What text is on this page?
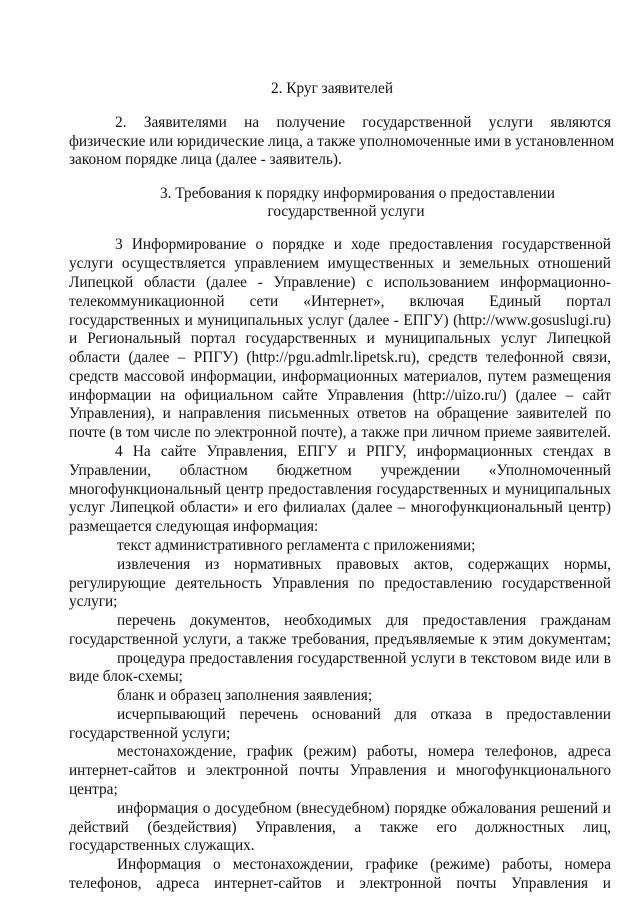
2. Круг заявителей
2. Заявителями на получение государственной услуги являются
физические или юридические лица, а также уполномоченные ими в установленном
законом порядке лица (далее - заявитель).
3. Требования к порядку информирования о предоставлении
государственной услуги
3 Информирование о порядке и ходе предоставления государственной
услуги осуществляется управлением имущественных и земельных отношений
Липецкой области (далее - Управление) с использованием информационно-
телекоммуникационной сети «Интернет», включая Единый портал
государственных и муниципальных услуг (далее - ЕПГУ) (http://www.gosuslugi.ru)
и Региональный портал государственных и муниципальных услуг Липецкой
области (далее – РПГУ) (http://pgu.admlr.lipetsk.ru), средств телефонной связи,
средств массовой информации, информационных материалов, путем размещения
информации на официальном сайте Управления (http://uizo.ru/) (далее – сайт
Управления), и направления письменных ответов на обращение заявителей по
почте (в том числе по электронной почте), а также при личном приеме заявителей.
4 На сайте Управления, ЕПГУ и РПГУ, информационных стендах в
Управлении, областном бюджетном учреждении «Уполномоченный
многофункциональный центр предоставления государственных и муниципальных
услуг Липецкой области» и его филиалах (далее – многофункциональный центр)
размещается следующая информация:
текст административного регламента с приложениями;
извлечения из нормативных правовых актов, содержащих нормы,
регулирующие деятельность Управления по предоставлению государственной
услуги;
перечень документов, необходимых для предоставления гражданам
государственной услуги, а также требования, предъявляемые к этим документам;
процедура предоставления государственной услуги в текстовом виде или в
виде блок-схемы;
бланк и образец заполнения заявления;
исчерпывающий перечень оснований для отказа в предоставлении
государственной услуги;
местонахождение, график (режим) работы, номера телефонов, адреса
интернет-сайтов и электронной почты Управления и многофункционального
центра;
информация о досудебном (внесудебном) порядке обжалования решений и
действий (бездействия) Управления, а также его должностных лиц,
государственных служащих.
Информация о местонахождении, графике (режиме) работы, номера
телефонов, адреса интернет-сайтов и электронной почты Управления и
